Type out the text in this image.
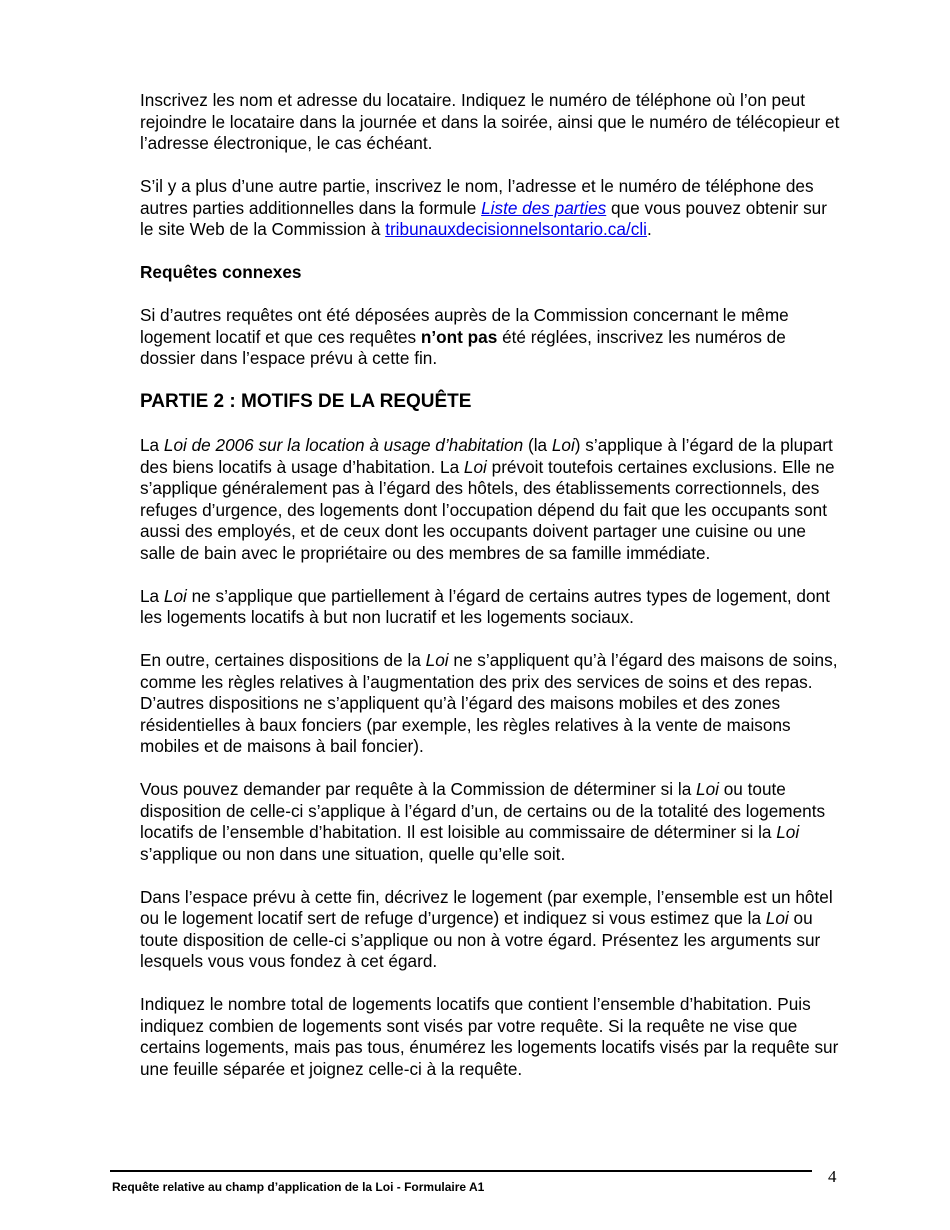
Inscrivez les nom et adresse du locataire. Indiquez le numéro de téléphone où l’on peut rejoindre le locataire dans la journée et dans la soirée, ainsi que le numéro de télécopieur et l’adresse électronique, le cas échéant.

S’il y a plus d’une autre partie, inscrivez le nom, l’adresse et le numéro de téléphone des autres parties additionnelles dans la formule Liste des parties que vous pouvez obtenir sur le site Web de la Commission à tribunauxdecisionnelsontario.ca/cli.

Requêtes connexes

Si d’autres requêtes ont été déposées auprès de la Commission concernant le même logement locatif et que ces requêtes n’ont pas été réglées, inscrivez les numéros de dossier dans l’espace prévu à cette fin.

PARTIE 2 : MOTIFS DE LA REQUÊTE

La Loi de 2006 sur la location à usage d’habitation (la Loi) s’applique à l’égard de la plupart des biens locatifs à usage d’habitation. La Loi prévoit toutefois certaines exclusions. Elle ne s’applique généralement pas à l’égard des hôtels, des établissements correctionnels, des refuges d’urgence, des logements dont l’occupation dépend du fait que les occupants sont aussi des employés, et de ceux dont les occupants doivent partager une cuisine ou une salle de bain avec le propriétaire ou des membres de sa famille immédiate.

La Loi ne s’applique que partiellement à l’égard de certains autres types de logement, dont les logements locatifs à but non lucratif et les logements sociaux.

En outre, certaines dispositions de la Loi ne s’appliquent qu’à l’égard des maisons de soins, comme les règles relatives à l’augmentation des prix des services de soins et des repas. D’autres dispositions ne s’appliquent qu’à l’égard des maisons mobiles et des zones résidentielles à baux fonciers (par exemple, les règles relatives à la vente de maisons mobiles et de maisons à bail foncier).

Vous pouvez demander par requête à la Commission de déterminer si la Loi ou toute disposition de celle-ci s’applique à l’égard d’un, de certains ou de la totalité des logements locatifs de l’ensemble d’habitation. Il est loisible au commissaire de déterminer si la Loi s’applique ou non dans une situation, quelle qu’elle soit.

Dans l’espace prévu à cette fin, décrivez le logement (par exemple, l’ensemble est un hôtel ou le logement locatif sert de refuge d’urgence) et indiquez si vous estimez que la Loi ou toute disposition de celle-ci s’applique ou non à votre égard. Présentez les arguments sur lesquels vous vous fondez à cet égard.

Indiquez le nombre total de logements locatifs que contient l’ensemble d’habitation. Puis indiquez combien de logements sont visés par votre requête. Si la requête ne vise que certains logements, mais pas tous, énumérez les logements locatifs visés par la requête sur une feuille séparée et joignez celle-ci à la requête.

Requête relative au champ d’application de la Loi - Formulaire A1
4
